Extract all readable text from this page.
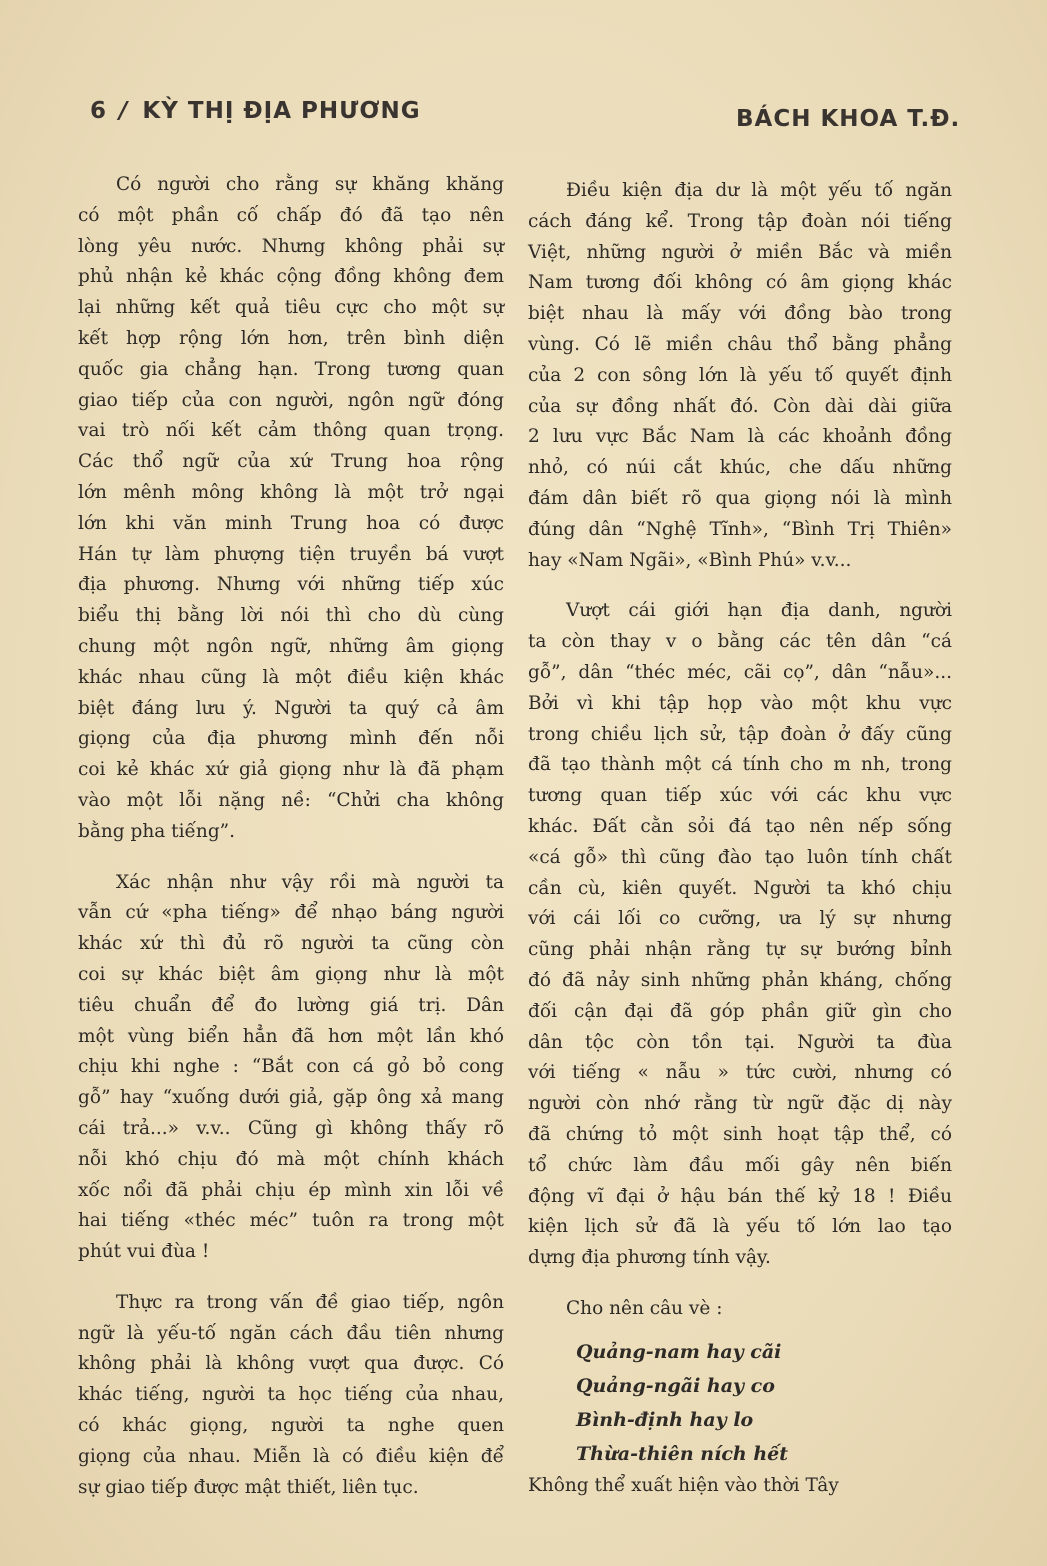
6 / KỲ THỊ ĐỊA PHƯƠNG	BÁCH KHOA T.Đ.

Có người cho rằng sự khăng khăng
có một phần cố chấp đó đã tạo nên
lòng yêu nước. Nhưng không phải sự
phủ nhận kẻ khác cộng đồng không đem
lại những kết quả tiêu cực cho một sự
kết hợp rộng lớn hơn, trên bình diện
quốc gia chẳng hạn. Trong tương quan
giao tiếp của con người, ngôn ngữ đóng
vai trò nối kết cảm thông quan trọng.
Các thổ ngữ của xứ Trung hoa rộng
lớn mênh mông không là một trở ngại
lớn khi văn minh Trung hoa có được
Hán tự làm phượng tiện truyền bá vượt
địa phương. Nhưng với những tiếp xúc
biểu thị bằng lời nói thì cho dù cùng
chung một ngôn ngữ, những âm giọng
khác nhau cũng là một điều kiện khác
biệt đáng lưu ý. Người ta quý cả âm
giọng của địa phương mình đến nỗi
coi kẻ khác xứ giả giọng như là đã phạm
vào một lỗi nặng nề: “Chửi cha không
bằng pha tiếng”.

Xác nhận như vậy rồi mà người ta
vẫn cứ «pha tiếng» để nhạo báng người
khác xứ thì đủ rõ người ta cũng còn
coi sự khác biệt âm giọng như là một
tiêu chuẩn để đo lường giá trị. Dân
một vùng biển hẳn đã hơn một lần khó
chịu khi nghe : “Bắt con cá gỏ bỏ cong
gỗ” hay “xuống dưới giả, gặp ông xả mang
cái trả...» v.v.. Cũng gì không thấy rõ
nỗi khó chịu đó mà một chính khách
xốc nổi đã phải chịu ép mình xin lỗi về
hai tiếng «théc méc” tuôn ra trong một
phút vui đùa !

Thực ra trong vấn đề giao tiếp, ngôn
ngữ là yếu-tố ngăn cách đầu tiên nhưng
không phải là không vượt qua được. Có
khác tiếng, người ta học tiếng của nhau,
có khác giọng, người ta nghe quen
giọng của nhau. Miễn là có điều kiện để
sự giao tiếp được mật thiết, liên tục.

Điều kiện địa dư là một yếu tố ngăn
cách đáng kể. Trong tập đoàn nói tiếng
Việt, những người ở miền Bắc và miền
Nam tương đối không có âm giọng khác
biệt nhau là mấy với đồng bào trong
vùng. Có lẽ miền châu thổ bằng phẳng
của 2 con sông lớn là yếu tố quyết định
của sự đồng nhất đó. Còn dài dài giữa
2 lưu vực Bắc Nam là các khoảnh đồng
nhỏ, có núi cắt khúc, che dấu những
đám dân biết rõ qua giọng nói là mình
đúng dân “Nghệ Tĩnh», “Bình Trị Thiên»
hay «Nam Ngãi», «Bình Phú» v.v...

Vượt cái giới hạn địa danh, người
ta còn thay v o bằng các tên dân “cá
gỗ”, dân “théc méc, cãi cọ”, dân “nẫu»...
Bởi vì khi tập họp vào một khu vực
trong chiều lịch sử, tập đoàn ở đấy cũng
đã tạo thành một cá tính cho m nh, trong
tương quan tiếp xúc với các khu vực
khác. Đất cằn sỏi đá tạo nên nếp sống
«cá gỗ» thì cũng đào tạo luôn tính chất
cần cù, kiên quyết. Người ta khó chịu
với cái lối co cưỡng, ưa lý sự nhưng
cũng phải nhận rằng tự sự bướng bỉnh
đó đã nảy sinh những phản kháng, chống
đối cận đại đã góp phần giữ gìn cho
dân tộc còn tồn tại. Người ta đùa
với tiếng « nẫu » tức cười, nhưng có
người còn nhớ rằng từ ngữ đặc dị này
đã chứng tỏ một sinh hoạt tập thể, có
tổ chức làm đầu mối gây nên biến
động vĩ đại ở hậu bán thế kỷ 18 ! Điều
kiện lịch sử đã là yếu tố lớn lao tạo
dựng địa phương tính vậy.

Cho nên câu vè :

Quảng-nam hay cãi
Quảng-ngãi hay co
Bình-định hay lo
Thừa-thiên ních hết

Không thể xuất hiện vào thời Tây
